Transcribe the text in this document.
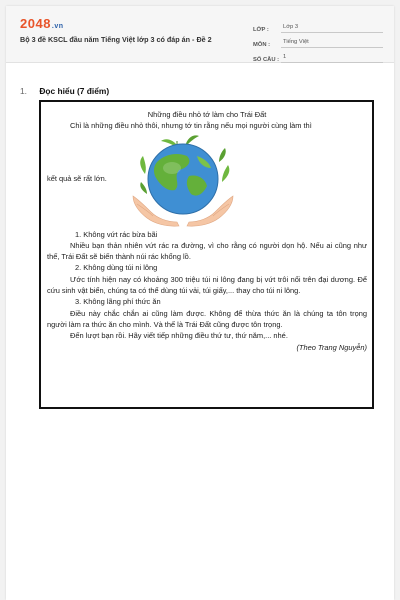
2048.vn
Bộ 3 đề KSCL đầu năm Tiếng Việt lớp 3 có đáp án - Đề 2
LỚP :	Lớp 3
MÔN :	Tiếng Việt
SỐ CÂU : 1
1. Đọc hiểu (7 điểm)
Những điều nhỏ tớ làm cho Trái Đất
Chỉ là những điều nhỏ thôi, nhưng tớ tin rằng nếu mọi người cùng làm thì
kết quả sẽ rất lớn.
1. Không vứt rác bừa bãi
Nhiều bạn thản nhiên vứt rác ra đường, vì cho rằng có người dọn hộ. Nếu ai cũng như thế, Trái Đất sẽ biến thành núi rác khổng lồ.
2. Không dùng túi ni lông
Ước tính hiện nay có khoảng 300 triệu túi ni lông đang bị vứt trôi nổi trên đại dương. Để cứu sinh vật biển, chúng ta có thể dùng túi vải, túi giấy,... thay cho túi ni lông.
3. Không lãng phí thức ăn
Điều này chắc chắn ai cũng làm được. Không để thừa thức ăn là chúng ta tôn trọng người làm ra thức ăn cho mình. Và thế là Trái Đất cũng được tôn trọng.
Đến lượt bạn rồi. Hãy viết tiếp những điều thứ tư, thứ năm,... nhé.
(Theo Trang Nguyễn)
